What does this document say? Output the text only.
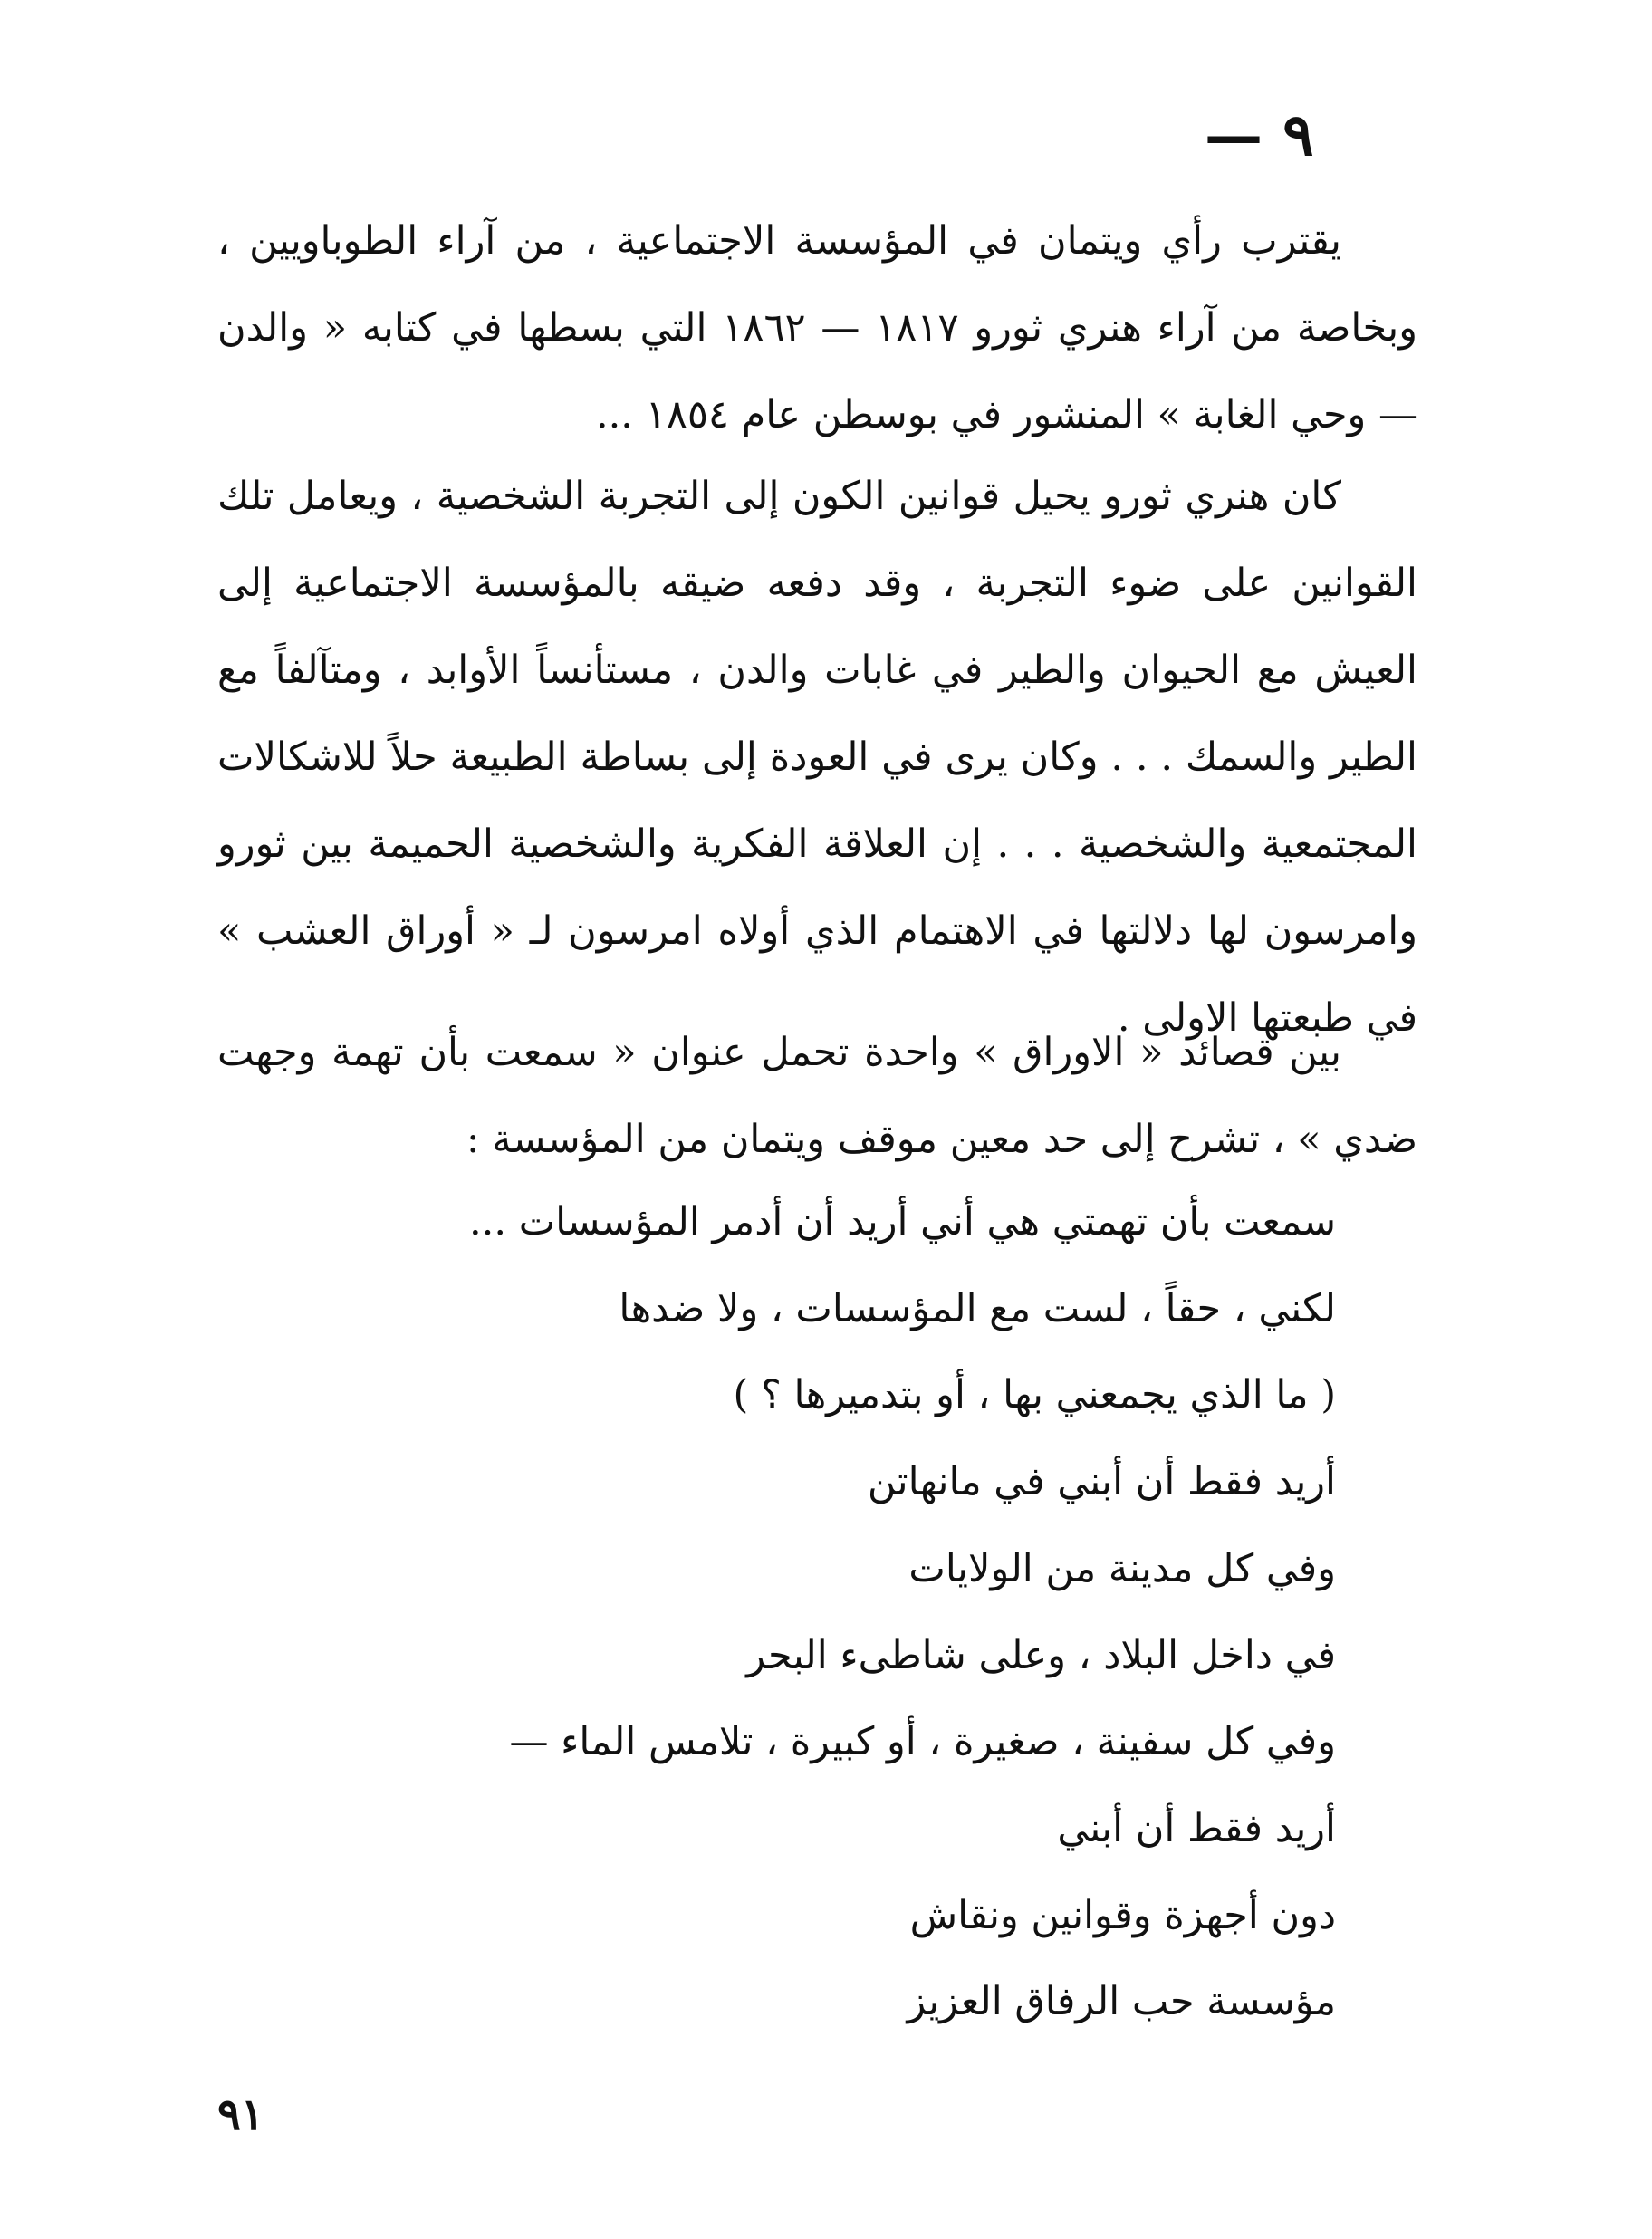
— ٩

يقترب رأي ويتمان في المؤسسة الاجتماعية ، من آراء الطوباويين ، وبخاصة من آراء هنري ثورو ١٨١٧ — ١٨٦٢ التي بسطها في كتابه « والدن — وحي الغابة » المنشور في بوسطن عام ١٨٥٤ ...

كان هنري ثورو يحيل قوانين الكون إلى التجربة الشخصية ، ويعامل تلك القوانين على ضوء التجربة ، وقد دفعه ضيقه بالمؤسسة الاجتماعية إلى العيش مع الحيوان والطير في غابات والدن ، مستأنساً الأوابد ، ومتآلفاً مع الطير والسمك . . . وكان يرى في العودة إلى بساطة الطبيعة حلاً للاشكالات المجتمعية والشخصية . . . إن العلاقة الفكرية والشخصية الحميمة بين ثورو وامرسون لها دلالتها في الاهتمام الذي أولاه امرسون لـ « أوراق العشب » في طبعتها الاولى .

بين قصائد « الاوراق » واحدة تحمل عنوان « سمعت بأن تهمة وجهت ضدي » ، تشرح إلى حد معين موقف ويتمان من المؤسسة :

سمعت بأن تهمتي هي أني أريد أن أدمر المؤسسات ...
لكني ، حقاً ، لست مع المؤسسات ، ولا ضدها
( ما الذي يجمعني بها ، أو بتدميرها ؟ )
أريد فقط أن أبني في مانهاتن
وفي كل مدينة من الولايات
في داخل البلاد ، وعلى شاطىء البحر
وفي كل سفينة ، صغيرة ، أو كبيرة ، تلامس الماء —
أريد فقط أن أبني
دون أجهزة وقوانين ونقاش
مؤسسة حب الرفاق العزيز
٩١
